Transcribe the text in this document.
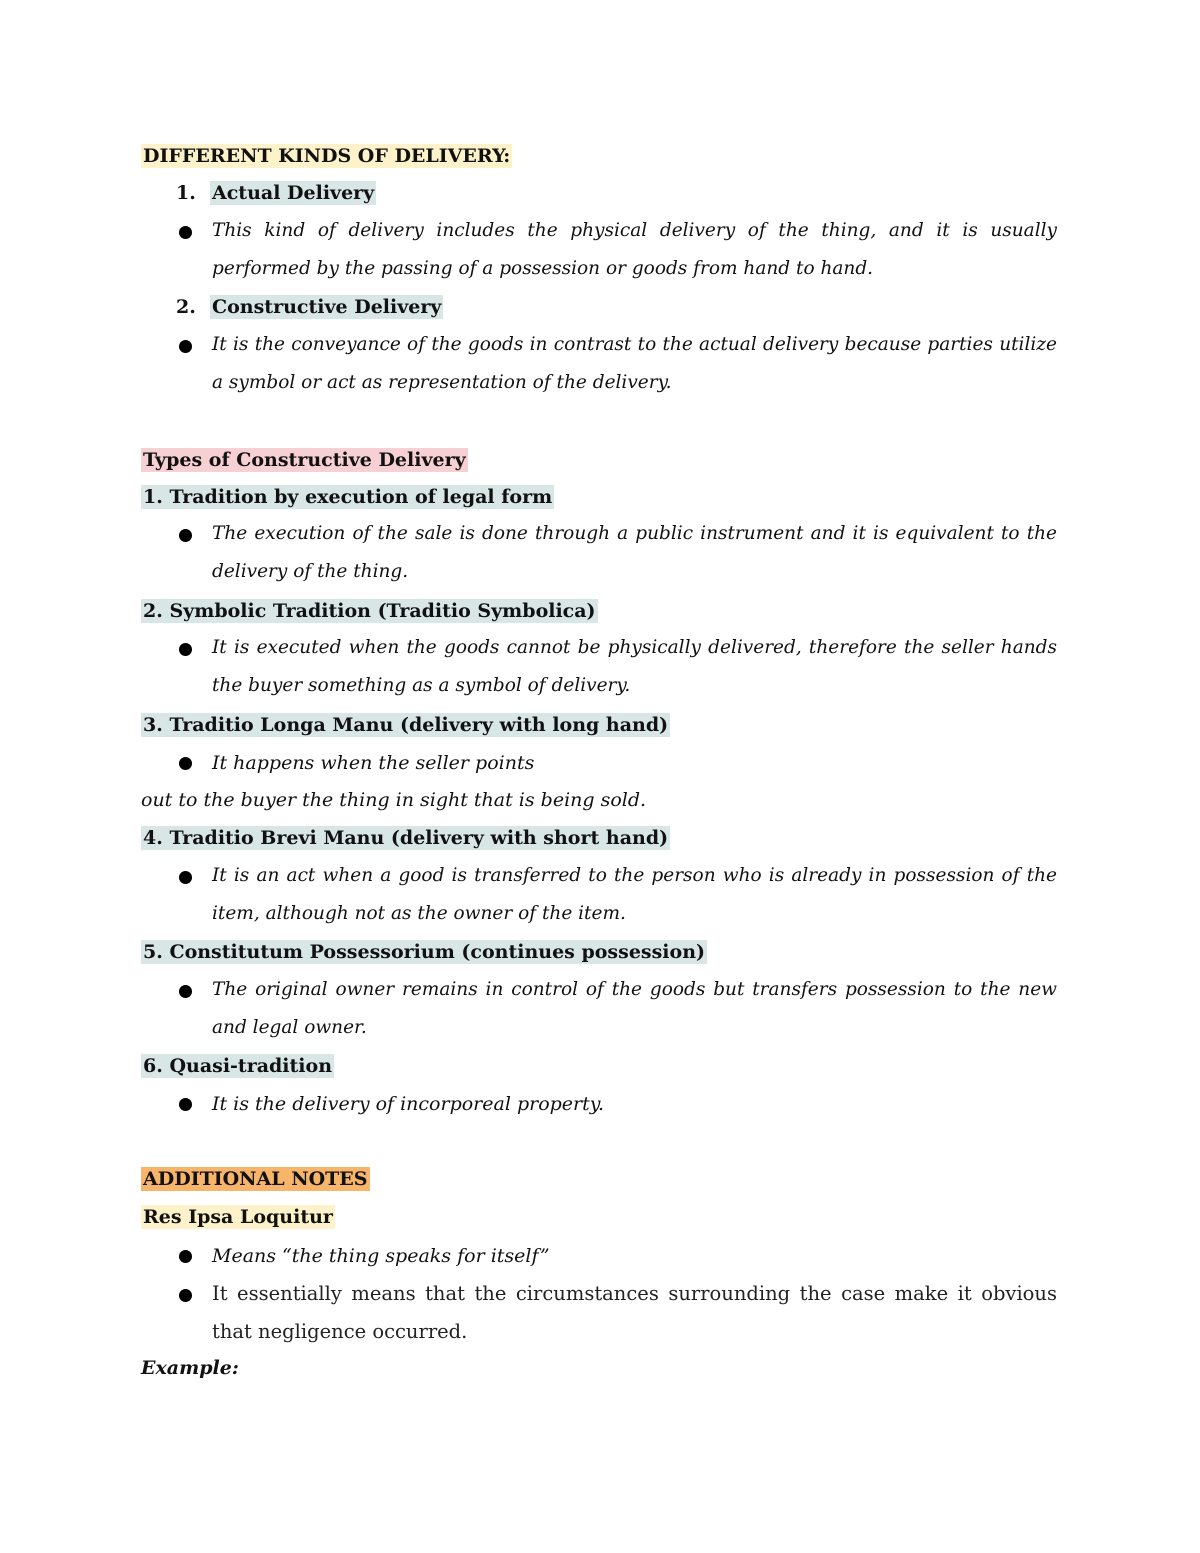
DIFFERENT KINDS OF DELIVERY:
1. Actual Delivery
This kind of delivery includes the physical delivery of the thing, and it is usually performed by the passing of a possession or goods from hand to hand.
2. Constructive Delivery
It is the conveyance of the goods in contrast to the actual delivery because parties utilize a symbol or act as representation of the delivery.
Types of Constructive Delivery
1. Tradition by execution of legal form
The execution of the sale is done through a public instrument and it is equivalent to the delivery of the thing.
2. Symbolic Tradition (Traditio Symbolica)
It is executed when the goods cannot be physically delivered, therefore the seller hands the buyer something as a symbol of delivery.
3. Traditio Longa Manu (delivery with long hand)
It happens when the seller points
out to the buyer the thing in sight that is being sold.
4. Traditio Brevi Manu (delivery with short hand)
It is an act when a good is transferred to the person who is already in possession of the item, although not as the owner of the item.
5. Constitutum Possessorium (continues possession)
The original owner remains in control of the goods but transfers possession to the new and legal owner.
6. Quasi-tradition
It is the delivery of incorporeal property.
ADDITIONAL NOTES
Res Ipsa Loquitur
Means “the thing speaks for itself”
It essentially means that the circumstances surrounding the case make it obvious that negligence occurred.
Example:
